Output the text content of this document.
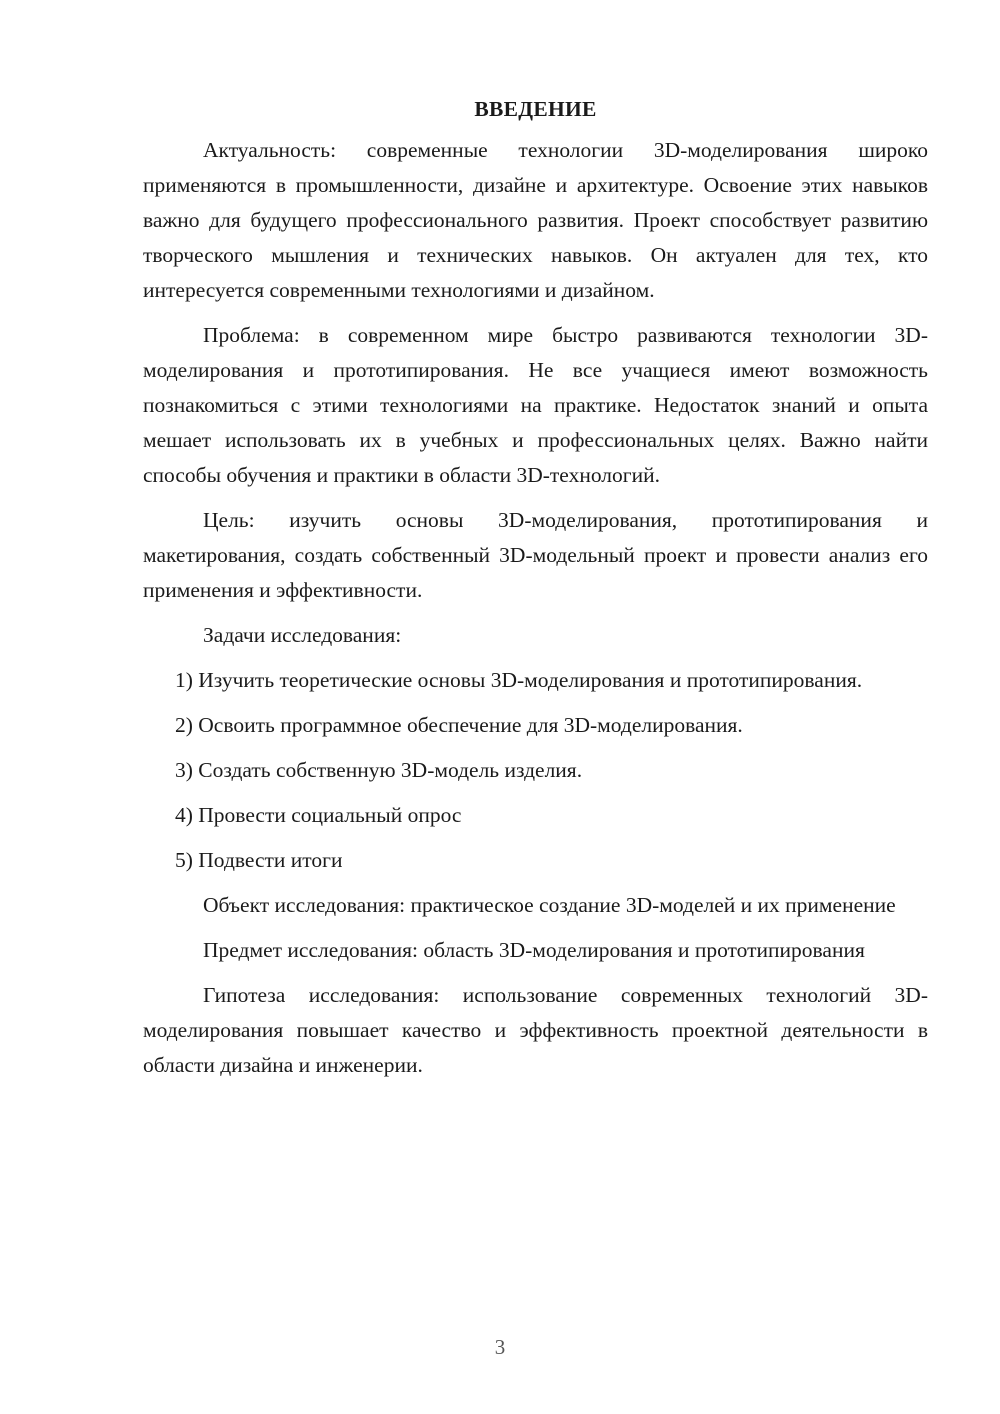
ВВЕДЕНИЕ

Актуальность: современные технологии 3D-моделирования широко применяются в промышленности, дизайне и архитектуре. Освоение этих навыков важно для будущего профессионального развития. Проект способствует развитию творческого мышления и технических навыков. Он актуален для тех, кто интересуется современными технологиями и дизайном.

Проблема: в современном мире быстро развиваются технологии 3D-моделирования и прототипирования. Не все учащиеся имеют возможность познакомиться с этими технологиями на практике. Недостаток знаний и опыта мешает использовать их в учебных и профессиональных целях. Важно найти способы обучения и практики в области 3D-технологий.

Цель: изучить основы 3D-моделирования, прототипирования и макетирования, создать собственный 3D-модельный проект и провести анализ его применения и эффективности.

Задачи исследования:

1) Изучить теоретические основы 3D-моделирования и прототипирования.

2) Освоить программное обеспечение для 3D-моделирования.

3) Создать собственную 3D-модель изделия.

4) Провести социальный опрос

5) Подвести итоги

Объект исследования: практическое создание 3D-моделей и их применение

Предмет исследования: область 3D-моделирования и прототипирования

Гипотеза исследования: использование современных технологий 3D-моделирования повышает качество и эффективность проектной деятельности в области дизайна и инженерии.

3
